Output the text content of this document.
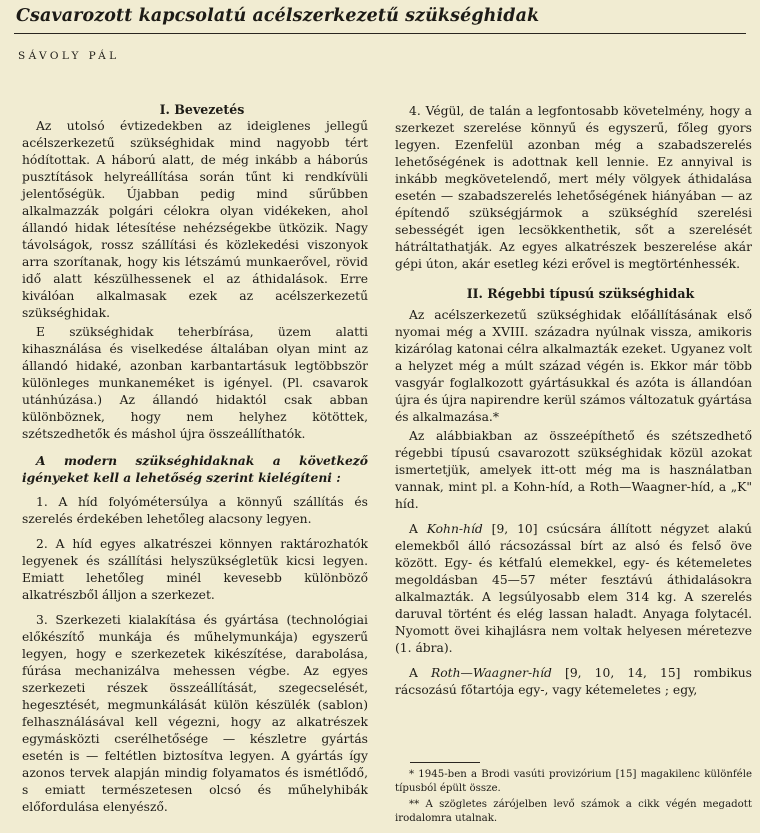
Csavarozott kapcsolatú acélszerkezetű szükséghidak

SÁVOLY PÁL

I. Bevezetés

Az utolsó évtizedekben az ideiglenes jellegű acélszerkezetű szükséghidak mind nagyobb tért hódítottak. A háború alatt, de még inkább a háborús pusztítások helyreállítása során tűnt ki rendkívüli jelentőségük. Újabban pedig mind sűrűbben alkalmazzák polgári célokra olyan vidékeken, ahol állandó hidak létesítése nehézségekbe ütközik. Nagy távolságok, rossz szállítási és közlekedési viszonyok arra szorítanak, hogy kis létszámú munkaerővel, rövid idő alatt készülhessenek el az áthidalások. Erre kiválóan alkalmasak ezek az acélszerkezetű szükséghidak.

E szükséghidak teherbírása, üzem alatti kihasználása és viselkedése általában olyan mint az állandó hidaké, azonban karbantartásuk legtöbbször különleges munkaneméket is igényel. (Pl. csavarok utánhúzása.) Az állandó hidaktól csak abban különböznek, hogy nem helyhez kötöttek, szétszedhetők és máshol újra összeállíthatók.

A modern szükséghidaknak a következő igényeket kell a lehetőség szerint kielégíteni :

1. A híd folyómétersúlya a könnyű szállítás és szerelés érdekében lehetőleg alacsony legyen.

2. A híd egyes alkatrészei könnyen raktározhatók legyenek és szállítási helyszükségletük kicsi legyen. Emiatt lehetőleg minél kevesebb különböző alkatrészből álljon a szerkezet.

3. Szerkezeti kialakítása és gyártása (technológiai előkészítő munkája és műhelymunkája) egyszerű legyen, hogy e szerkezetek kikészítése, darabolása, fúrása mechanizálva mehessen végbe. Az egyes szerkezeti részek összeállítását, szegecselését, hegesztését, megmunkálását külön készülék (sablon) felhasználásával kell végezni, hogy az alkatrészek egymásközti cserélhetősége — készletre gyártás esetén is — feltétlen biztosítva legyen. A gyártás így azonos tervek alapján mindig folyamatos és ismétlődő, s emiatt természetesen olcsó és műhelyhibák előfordulása elenyésző.

4. Végül, de talán a legfontosabb követelmény, hogy a szerkezet szerelése könnyű és egyszerű, főleg gyors legyen. Ezenfelül azonban még a szabadszerelés lehetőségének is adottnak kell lennie. Ez annyival is inkább megkövetelendő, mert mély völgyek áthidalása esetén — szabadszerelés lehetőségének hiányában — az építendő szükségjármok a szükséghíd szerelési sebességét igen lecsökkenthetik, sőt a szerelését hátráltathatják. Az egyes alkatrészek beszerelése akár gépi úton, akár esetleg kézi erővel is megtörténhessék.

II. Régebbi típusú szükséghidak

Az acélszerkezetű szükséghidak előállításának első nyomai még a XVIII. századra nyúlnak vissza, amikoris kizárólag katonai célra alkalmazták ezeket. Ugyanez volt a helyzet még a múlt század végén is. Ekkor már több vasgyár foglalkozott gyártásukkal és azóta is állandóan újra és újra napirendre kerül számos változatuk gyártása és alkalmazása.*

Az alábbiakban az összeépíthető és szétszedhető régebbi típusú csavarozott szükséghidak közül azokat ismertetjük, amelyek itt-ott még ma is használatban vannak, mint pl. a Kohn-híd, a Roth—Waagner-híd, a „K" híd.

A Kohn-híd [9, 10] csúcsára állított négyzet alakú elemekből álló rácsozással bírt az alsó és felső öve között. Egy- és kétfalú elemekkel, egy- és kétemeletes megoldásban 45—57 méter fesztávú áthidalásokra alkalmazták. A legsúlyosabb elem 314 kg. A szerelés daruval történt és elég lassan haladt. Anyaga folytacél. Nyomott övei kihajlásra nem voltak helyesen méretezve (1. ábra).

A Roth—Waagner-híd [9, 10, 14, 15] rombikus rácsozású főtartója egy-, vagy kétemeletes ; egy,

* 1945-ben a Brodi vasúti provizórium [15] magakilenc különféle típusból épült össze.

** A szögletes zárójelben levő számok a cikk végén megadott irodalomra utalnak.
